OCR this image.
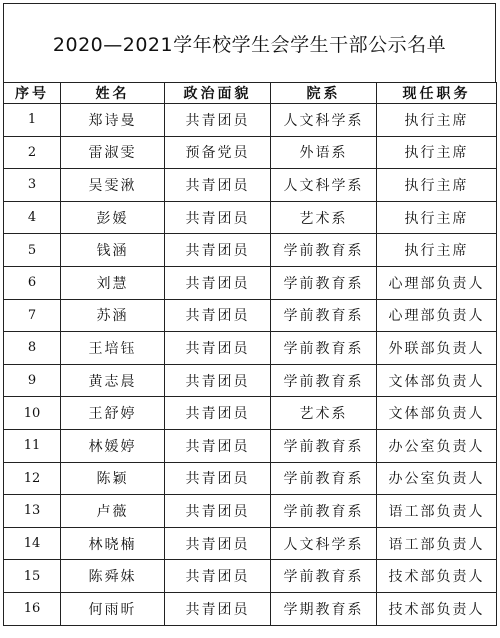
2020—2021学年校学生会学生干部公示名单
序号	姓名	政治面貌	院系	现任职务
1	郑诗曼	共青团员	人文科学系	执行主席
2	雷淑雯	预备党员	外语系	执行主席
3	吴雯湫	共青团员	人文科学系	执行主席
4	彭媛	共青团员	艺术系	执行主席
5	钱涵	共青团员	学前教育系	执行主席
6	刘慧	共青团员	学前教育系	心理部负责人
7	苏涵	共青团员	学前教育系	心理部负责人
8	王培钰	共青团员	学前教育系	外联部负责人
9	黄志晨	共青团员	学前教育系	文体部负责人
10	王舒婷	共青团员	艺术系	文体部负责人
11	林媛婷	共青团员	学前教育系	办公室负责人
12	陈颖	共青团员	学前教育系	办公室负责人
13	卢薇	共青团员	学前教育系	语工部负责人
14	林晓楠	共青团员	人文科学系	语工部负责人
15	陈舜妹	共青团员	学前教育系	技术部负责人
16	何雨昕	共青团员	学期教育系	技术部负责人
